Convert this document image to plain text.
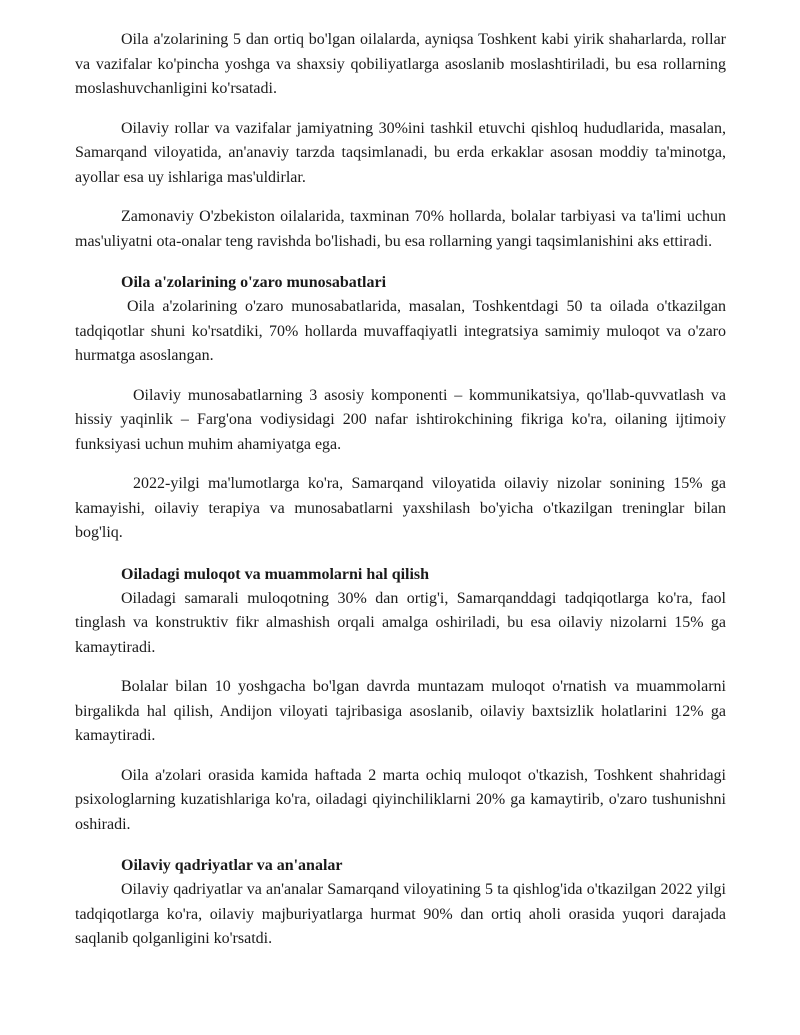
Oila a'zolarining 5 dan ortiq bo'lgan oilalarda, ayniqsa Toshkent kabi yirik shaharlarda, rollar va vazifalar ko'pincha yoshga va shaxsiy qobiliyatlarga asoslanib moslashtiriladi, bu esa rollarning moslashuvchanligini ko'rsatadi.

Oilaviy rollar va vazifalar jamiyatning 30%ini tashkil etuvchi qishloq hududlarida, masalan, Samarqand viloyatida, an'anaviy tarzda taqsimlanadi, bu erda erkaklar asosan moddiy ta'minotga, ayollar esa uy ishlariga mas'uldirlar.

Zamonaviy O'zbekiston oilalarida, taxminan 70% hollarda, bolalar tarbiyasi va ta'limi uchun mas'uliyatni ota-onalar teng ravishda bo'lishadi, bu esa rollarning yangi taqsimlanishini aks ettiradi.

Oila a'zolarining o'zaro munosabatlari

Oila a'zolarining o'zaro munosabatlarida, masalan, Toshkentdagi 50 ta oilada o'tkazilgan tadqiqotlar shuni ko'rsatdiki, 70% hollarda muvaffaqiyatli integratsiya samimiy muloqot va o'zaro hurmatga asoslangan.

Oilaviy munosabatlarning 3 asosiy komponenti – kommunikatsiya, qo'llab-quvvatlash va hissiy yaqinlik – Farg'ona vodiysidagi 200 nafar ishtirokchining fikriga ko'ra, oilaning ijtimoiy funksiyasi uchun muhim ahamiyatga ega.

2022-yilgi ma'lumotlarga ko'ra, Samarqand viloyatida oilaviy nizolar sonining 15% ga kamayishi, oilaviy terapiya va munosabatlarni yaxshilash bo'yicha o'tkazilgan treninglar bilan bog'liq.

Oiladagi muloqot va muammolarni hal qilish

Oiladagi samarali muloqotning 30% dan ortig'i, Samarqanddagi tadqiqotlarga ko'ra, faol tinglash va konstruktiv fikr almashish orqali amalga oshiriladi, bu esa oilaviy nizolarni 15% ga kamaytiradi.

Bolalar bilan 10 yoshgacha bo'lgan davrda muntazam muloqot o'rnatish va muammolarni birgalikda hal qilish, Andijon viloyati tajribasiga asoslanib, oilaviy baxtsizlik holatlarini 12% ga kamaytiradi.

Oila a'zolari orasida kamida haftada 2 marta ochiq muloqot o'tkazish, Toshkent shahridagi psixologlarning kuzatishlariga ko'ra, oiladagi qiyinchiliklarni 20% ga kamaytirib, o'zaro tushunishni oshiradi.

Oilaviy qadriyatlar va an'analar

Oilaviy qadriyatlar va an'analar Samarqand viloyatining 5 ta qishlog'ida o'tkazilgan 2022 yilgi tadqiqotlarga ko'ra, oilaviy majburiyatlarga hurmat 90% dan ortiq aholi orasida yuqori darajada saqlanib qolganligini ko'rsatdi.
